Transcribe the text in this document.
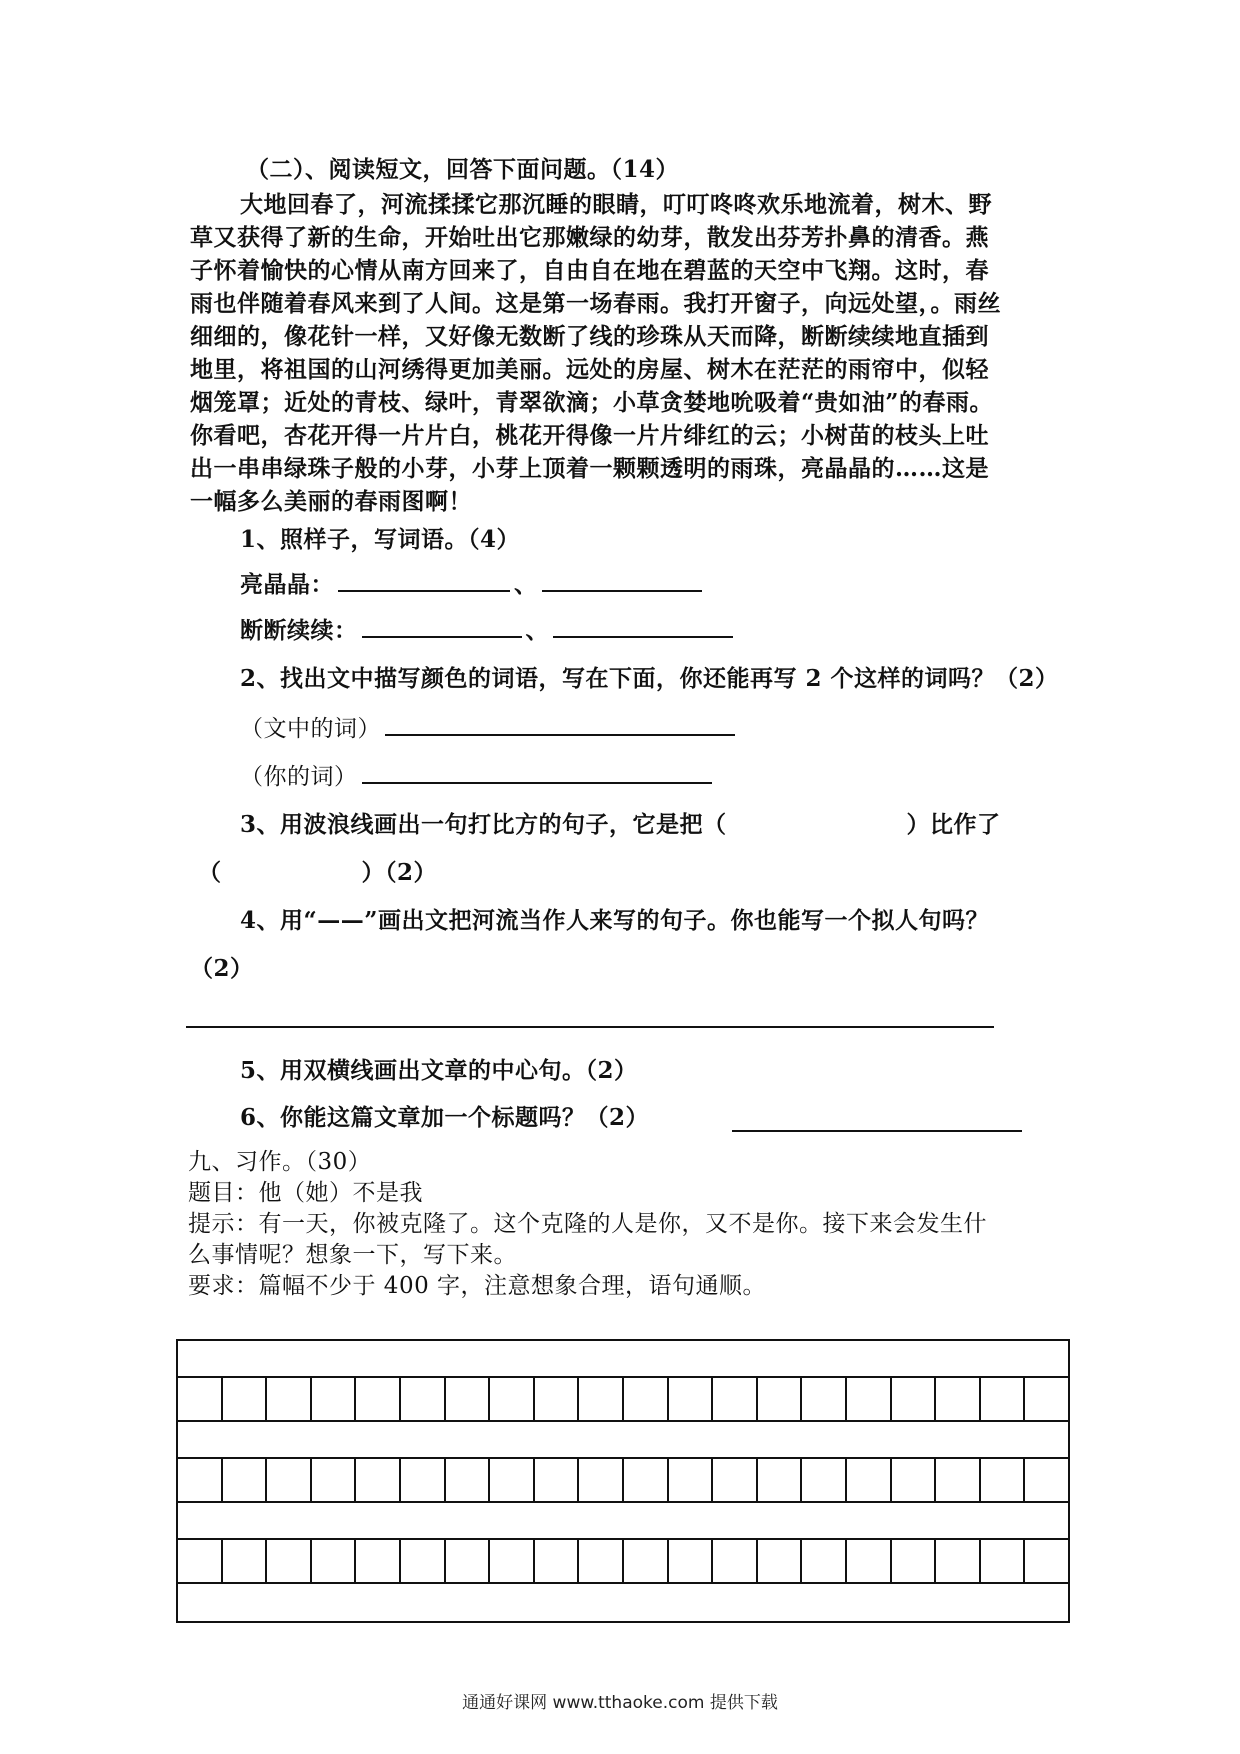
（二）、阅读短文，回答下面问题。（14）
大地回春了，河流揉揉它那沉睡的眼睛，叮叮咚咚欢乐地流着，树木、野
草又获得了新的生命，开始吐出它那嫩绿的幼芽，散发出芬芳扑鼻的清香。燕
子怀着愉快的心情从南方回来了，自由自在地在碧蓝的天空中飞翔。这时，春
雨也伴随着春风来到了人间。这是第一场春雨。我打开窗子，向远处望，。雨丝
细细的，像花针一样，又好像无数断了线的珍珠从天而降，断断续续地直插到
地里，将祖国的山河绣得更加美丽。远处的房屋、树木在茫茫的雨帘中，似轻
烟笼罩；近处的青枝、绿叶，青翠欲滴；小草贪婪地吮吸着“贵如油”的春雨。
你看吧，杏花开得一片片白，桃花开得像一片片绯红的云；小树苗的枝头上吐
出一串串绿珠子般的小芽，小芽上顶着一颗颗透明的雨珠，亮晶晶的……这是
一幅多么美丽的春雨图啊！
1、照样子，写词语。（4）
亮晶晶：	、
断断续续：	、
2、找出文中描写颜色的词语，写在下面，你还能再写 2 个这样的词吗？（2）
（文中的词）
（你的词）
3、用波浪线画出一句打比方的句子，它是把（	）比作了
（	）（2）
4、用“——”画出文把河流当作人来写的句子。你也能写一个拟人句吗？
（2）
5、用双横线画出文章的中心句。（2）
6、你能这篇文章加一个标题吗？（2）
九、习作。（30）
题目：他（她）不是我
提示：有一天，你被克隆了。这个克隆的人是你，又不是你。接下来会发生什
么事情呢？想象一下，写下来。
要求：篇幅不少于 400 字，注意想象合理，语句通顺。
通通好课网 www.tthaoke.com 提供下载
